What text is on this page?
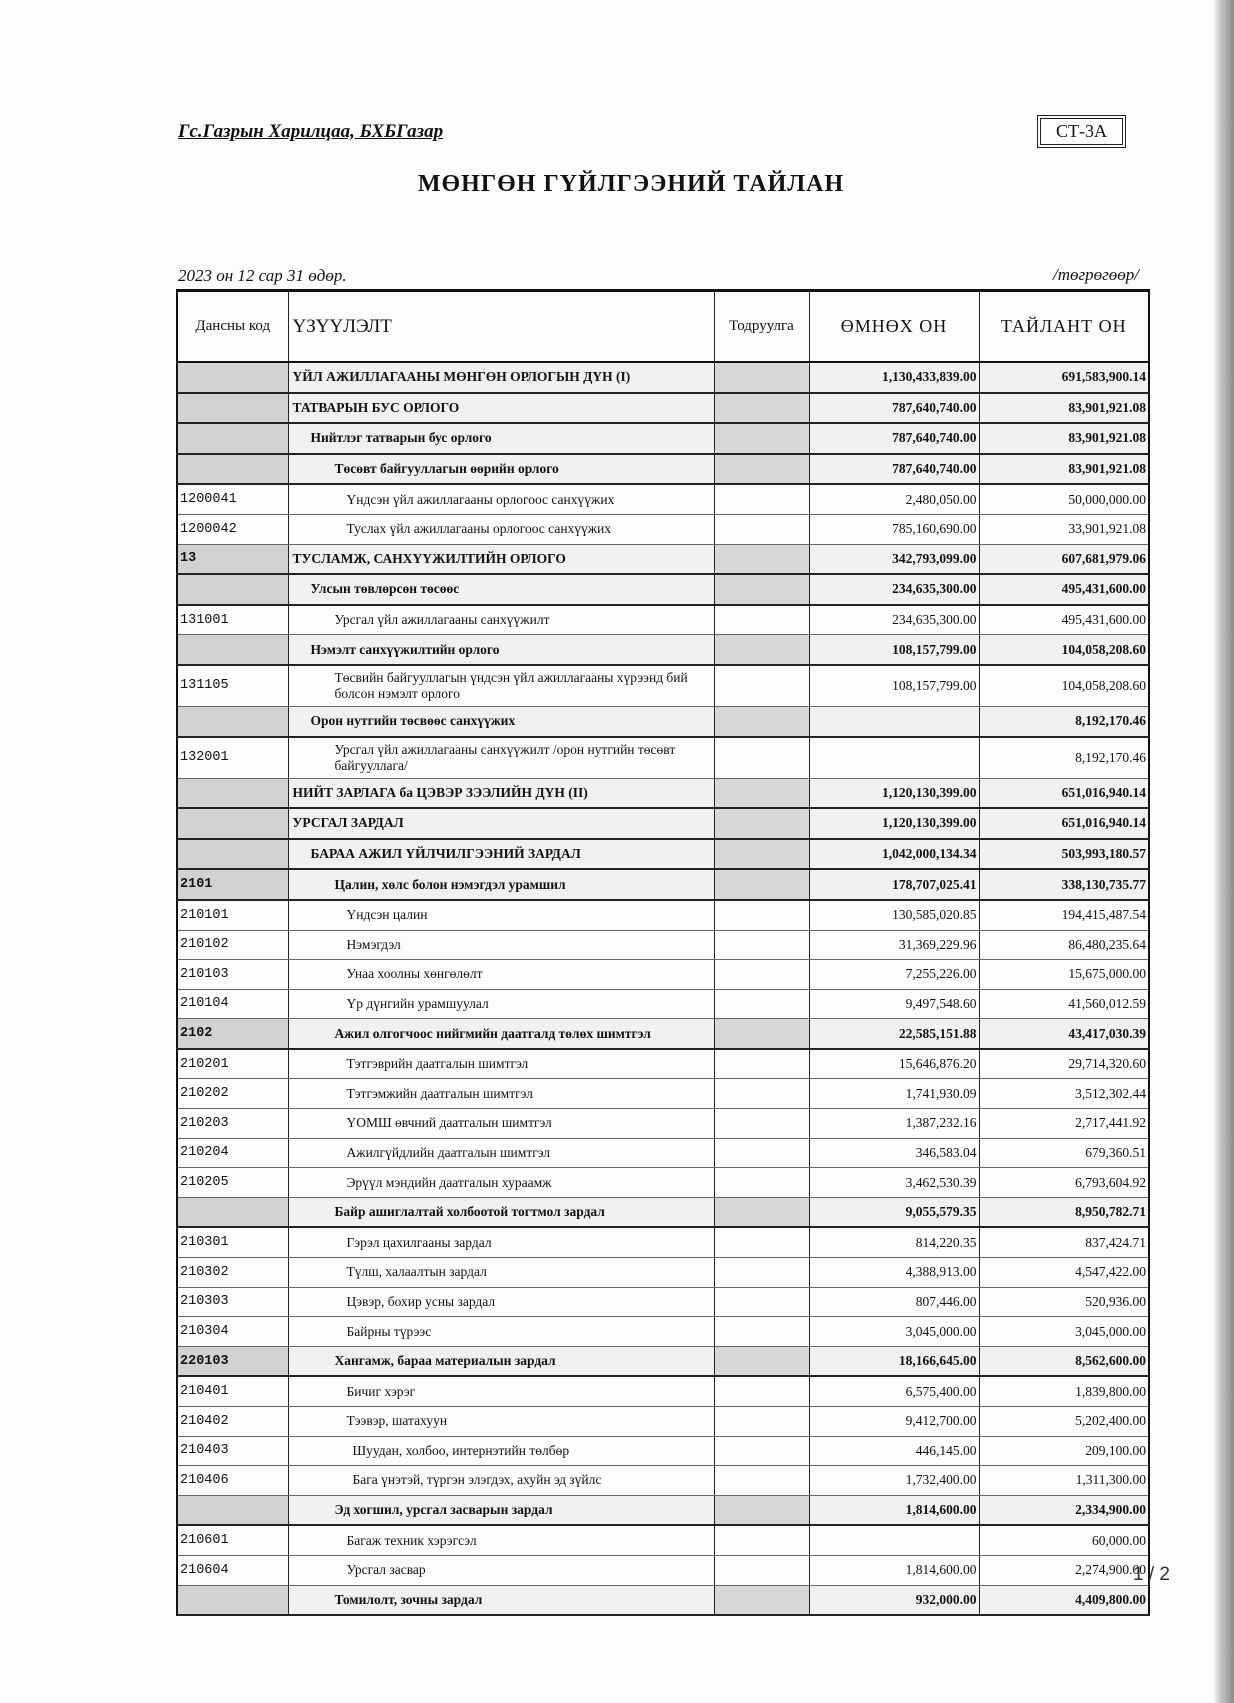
Гс.Газрын Харилцаа, БХБГазар	СТ-3А
МӨНГӨН ГҮЙЛГЭЭНИЙ ТАЙЛАН
2023 он 12 сар 31 өдөр.	/төгрөгөөр/
Дансны код	ҮЗҮҮЛЭЛТ	Тодруулга	ӨМНӨХ ОН	ТАЙЛАНТ ОН
	ҮЙЛ АЖИЛЛАГААНЫ МӨНГӨН ОРЛОГЫН ДҮН (I)		1,130,433,839.00	691,583,900.14
	ТАТВАРЫН БУС ОРЛОГО		787,640,740.00	83,901,921.08
	Нийтлэг татварын бус орлого		787,640,740.00	83,901,921.08
	Төсөвт байгууллагын өөрийн орлого		787,640,740.00	83,901,921.08
1200041	Үндсэн үйл ажиллагааны орлогоос санхүүжих		2,480,050.00	50,000,000.00
1200042	Туслах үйл ажиллагааны орлогоос санхүүжих		785,160,690.00	33,901,921.08
13	ТУСЛАМЖ, САНХҮҮЖИЛТИЙН ОРЛОГО		342,793,099.00	607,681,979.06
	Улсын төвлөрсөн төсөөс		234,635,300.00	495,431,600.00
131001	Урсгал үйл ажиллагааны санхүүжилт		234,635,300.00	495,431,600.00
	Нэмэлт санхүүжилтийн орлого		108,157,799.00	104,058,208.60
131105	Төсвийн байгууллагын үндсэн үйл ажиллагааны хүрээнд бий болсон нэмэлт орлого		108,157,799.00	104,058,208.60
	Орон нутгийн төсвөөс санхүүжих			8,192,170.46
132001	Урсгал үйл ажиллагааны санхүүжилт /орон нутгийн төсөвт байгууллага/			8,192,170.46
	НИЙТ ЗАРЛАГА ба ЦЭВЭР ЗЭЭЛИЙН ДҮН (II)		1,120,130,399.00	651,016,940.14
	УРСГАЛ ЗАРДАЛ		1,120,130,399.00	651,016,940.14
	БАРАА АЖИЛ ҮЙЛЧИЛГЭЭНИЙ ЗАРДАЛ		1,042,000,134.34	503,993,180.57
2101	Цалин, хөлс болон нэмэгдэл урамшил		178,707,025.41	338,130,735.77
210101	Үндсэн цалин		130,585,020.85	194,415,487.54
210102	Нэмэгдэл		31,369,229.96	86,480,235.64
210103	Унаа хоолны хөнгөлөлт		7,255,226.00	15,675,000.00
210104	Үр дүнгийн урамшуулал		9,497,548.60	41,560,012.59
2102	Ажил олгогчоос нийгмийн даатгалд төлөх шимтгэл		22,585,151.88	43,417,030.39
210201	Тэтгэврийн даатгалын шимтгэл		15,646,876.20	29,714,320.60
210202	Тэтгэмжийн даатгалын шимтгэл		1,741,930.09	3,512,302.44
210203	ҮОМШ өвчний даатгалын шимтгэл		1,387,232.16	2,717,441.92
210204	Ажилгүйдлийн даатгалын шимтгэл		346,583.04	679,360.51
210205	Эрүүл мэндийн даатгалын хураамж		3,462,530.39	6,793,604.92
	Байр ашиглалтай холбоотой тогтмол зардал		9,055,579.35	8,950,782.71
210301	Гэрэл цахилгааны зардал		814,220.35	837,424.71
210302	Түлш, халаалтын зардал		4,388,913.00	4,547,422.00
210303	Цэвэр, бохир усны зардал		807,446.00	520,936.00
210304	Байрны түрээс		3,045,000.00	3,045,000.00
220103	Хангамж, бараа материалын зардал		18,166,645.00	8,562,600.00
210401	Бичиг хэрэг		6,575,400.00	1,839,800.00
210402	Тээвэр, шатахуун		9,412,700.00	5,202,400.00
210403	Шуудан, холбоо, интернэтийн төлбөр		446,145.00	209,100.00
210406	Бага үнэтэй, түргэн элэгдэх, ахуйн эд зүйлс		1,732,400.00	1,311,300.00
	Эд хогшил, урсгал засварын зардал		1,814,600.00	2,334,900.00
210601	Багаж техник хэрэгсэл			60,000.00
210604	Урсгал засвар		1,814,600.00	2,274,900.00
	Томилолт, зочны зардал		932,000.00	4,409,800.00
1 / 2
